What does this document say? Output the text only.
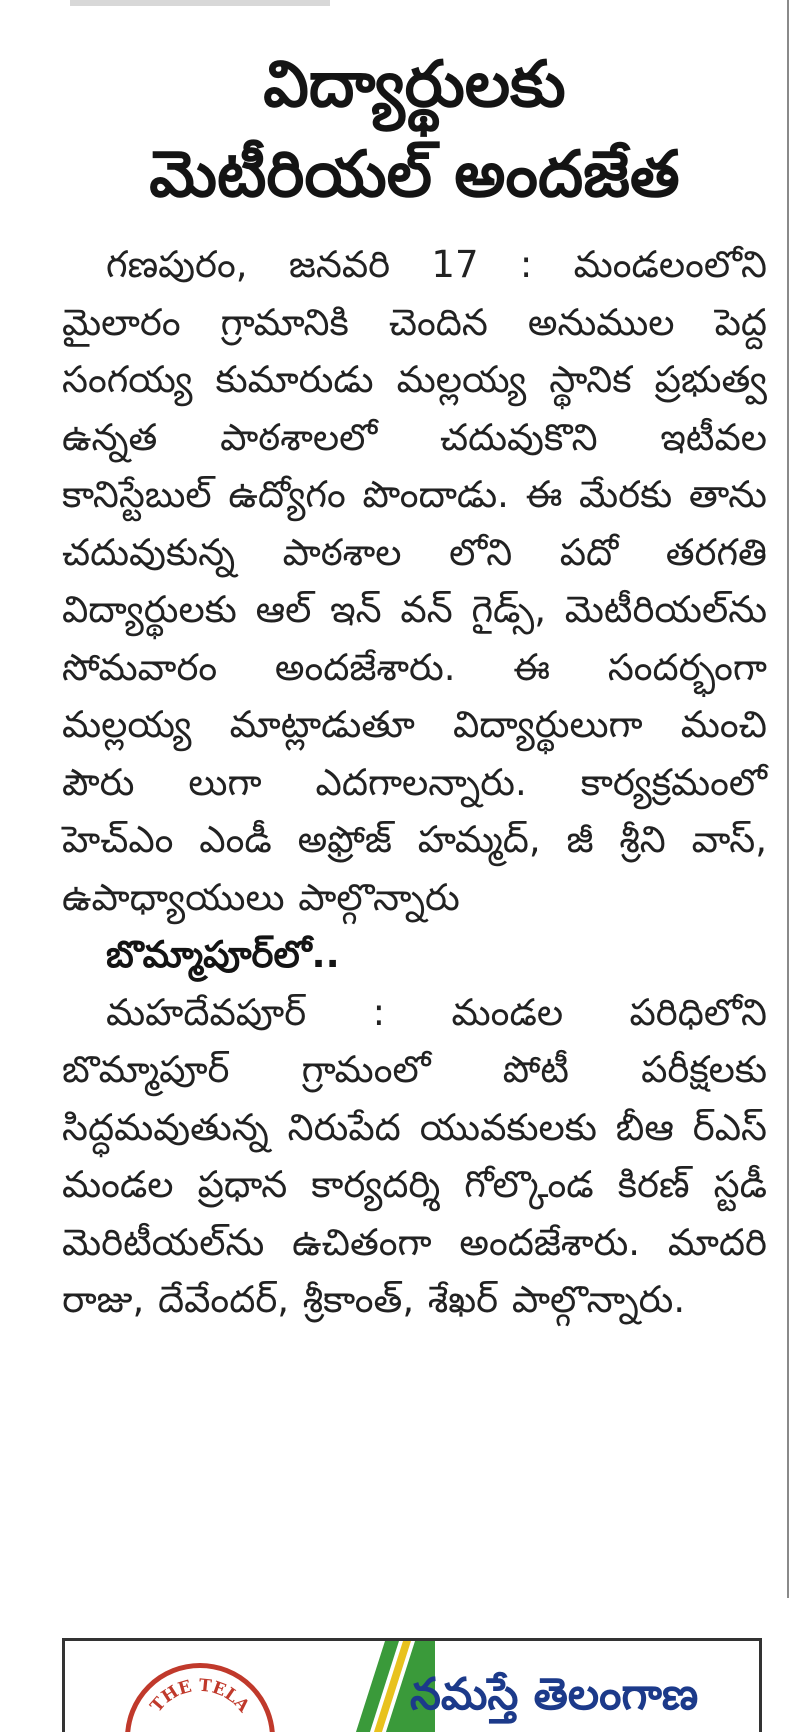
విద్యార్థులకు
మెటీరియల్ అందజేత

గణపురం, జనవరి 17 : మండలంలోని మైలారం గ్రామానికి చెందిన అనుముల పెద్ద సంగయ్య కుమారుడు మల్లయ్య స్థానిక ప్రభుత్వ ఉన్నత పాఠశాలలో చదువుకొని ఇటీవల కానిస్టేబుల్ ఉద్యోగం పొందాడు. ఈ మేరకు తాను చదువుకున్న పాఠశాల లోని పదో తరగతి విద్యార్థులకు ఆల్ ఇన్ వన్ గైడ్స్, మెటీరియల్‌ను సోమవారం అందజేశారు. ఈ సందర్భంగా మల్లయ్య మాట్లాడుతూ విద్యార్థులుగా మంచి పౌరు లుగా ఎదగాలన్నారు. కార్యక్రమంలో హెచ్‌ఎం ఎండీ అఫ్రోజ్ హమ్మద్, జీ శ్రీని వాస్, ఉపాధ్యాయులు పాల్గొన్నారు

బొమ్మాపూర్‌లో..

మహదేవపూర్ : మండల పరిధిలోని బొమ్మాపూర్ గ్రామంలో పోటీ పరీక్షలకు సిద్ధమవుతున్న నిరుపేద యువకులకు బీఆ ర్‌ఎస్ మండల ప్రధాన కార్యదర్శి గోల్కొండ కిరణ్ స్టడీ మెరిటీయల్‌ను ఉచితంగా అందజేశారు. మాదరి రాజు, దేవేందర్, శ్రీకాంత్, శేఖర్ పాల్గొన్నారు.

THE TELA	నమస్తే తెలంగాణ
